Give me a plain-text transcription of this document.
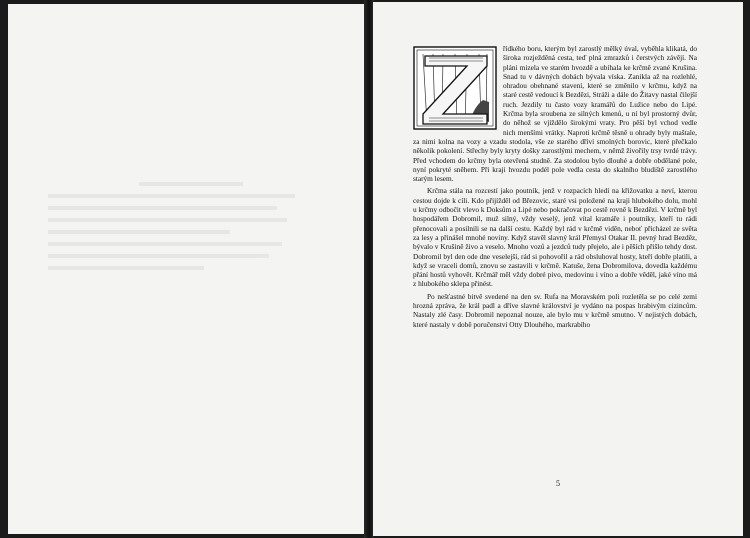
řídkého boru, kterým byl zarostlý mělký úval, vyběhla klikatá, do široka rozježděná cesta, teď plná zmrazků i čerstvých závějí. Na pláni mizela ve starém hvozdě a ubíhala ke krčmě zvané Krušina. Snad tu v dávných dobách bývala víska. Zanikla až na rozlehlé, ohradou obehnané stavení, které se změnilo v krčmu, když na staré cestě vedoucí k Bezdězi, Stráži a dále do Žitavy nastal čilejší ruch. Jezdily tu často vozy kramářů do Lužice nebo do Lipé. Krčma byla sroubena ze silných kmenů, u ní byl prostorný dvůr, do něhož se vjíždělo širokými vraty. Pro pěší byl vchod vedle nich menšími vrátky. Naproti krčmě těsně u ohrady byly maštale, za nimi kolna na vozy a vzadu stodola, vše ze starého dříví smolných borovic, které přečkalo několik pokolení. Střechy byly kryty došky zarostlými mechem, v němž živořily trsy tvrdé trávy. Před vchodem do krčmy byla otevřená studně. Za stodolou bylo dlouhé a dobře obdělané pole, nyní pokryté sněhem. Při kraji hvozdu podél pole vedla cesta do skalního bludiště zarostlého starým lesem.

Krčma stála na rozcestí jako poutník, jenž v rozpacích hledí na křižovatku a neví, kterou cestou dojde k cíli. Kdo přijížděl od Březovic, staré vsi položené na kraji hlubokého dolu, mohl u krčmy odbočit vlevo k Doksům a Lipé nebo pokračovat po cestě rovně k Bezdězi. V krčmě byl hospodářem Dobromil, muž silný, vždy veselý, jenž vítal kramáře i poutníky, kteří tu rádi přenocovali a posilnili se na další cestu. Každý byl rád v krčmě viděn, neboť přicházel ze světa za lesy a přinášel mnohé noviny. Když stavěl slavný král Přemysl Otakar II. pevný hrad Bezděz, bývalo v Krušině živo a veselo. Mnoho vozů a jezdců tudy přejelo, ale i pěších přišlo tehdy dost. Dobromil byl den ode dne veselejší, rád si pohovořil a rád obsluhoval hosty, kteří dobře platili, a když se vraceli domů, znovu se zastavili v krčmě. Katuše, žena Dobromilova, dovedla každému přání hostů vyhovět. Krčmář měl vždy dobré pivo, medovinu i víno a dobře věděl, jaké víno má z hlubokého sklepa přinést.

Po nešťastné bitvě svedené na den sv. Rufa na Moravském poli rozletěla se po celé zemi hrozná zpráva, že král padl a dříve slavné království je vydáno na pospas hrabivým cizincům. Nastaly zlé časy. Dobromil nepoznal nouze, ale bylo mu v krčmě smutno. V nejistých dobách, které nastaly v době poručenství Otty Dlouhého, markrabího

5
